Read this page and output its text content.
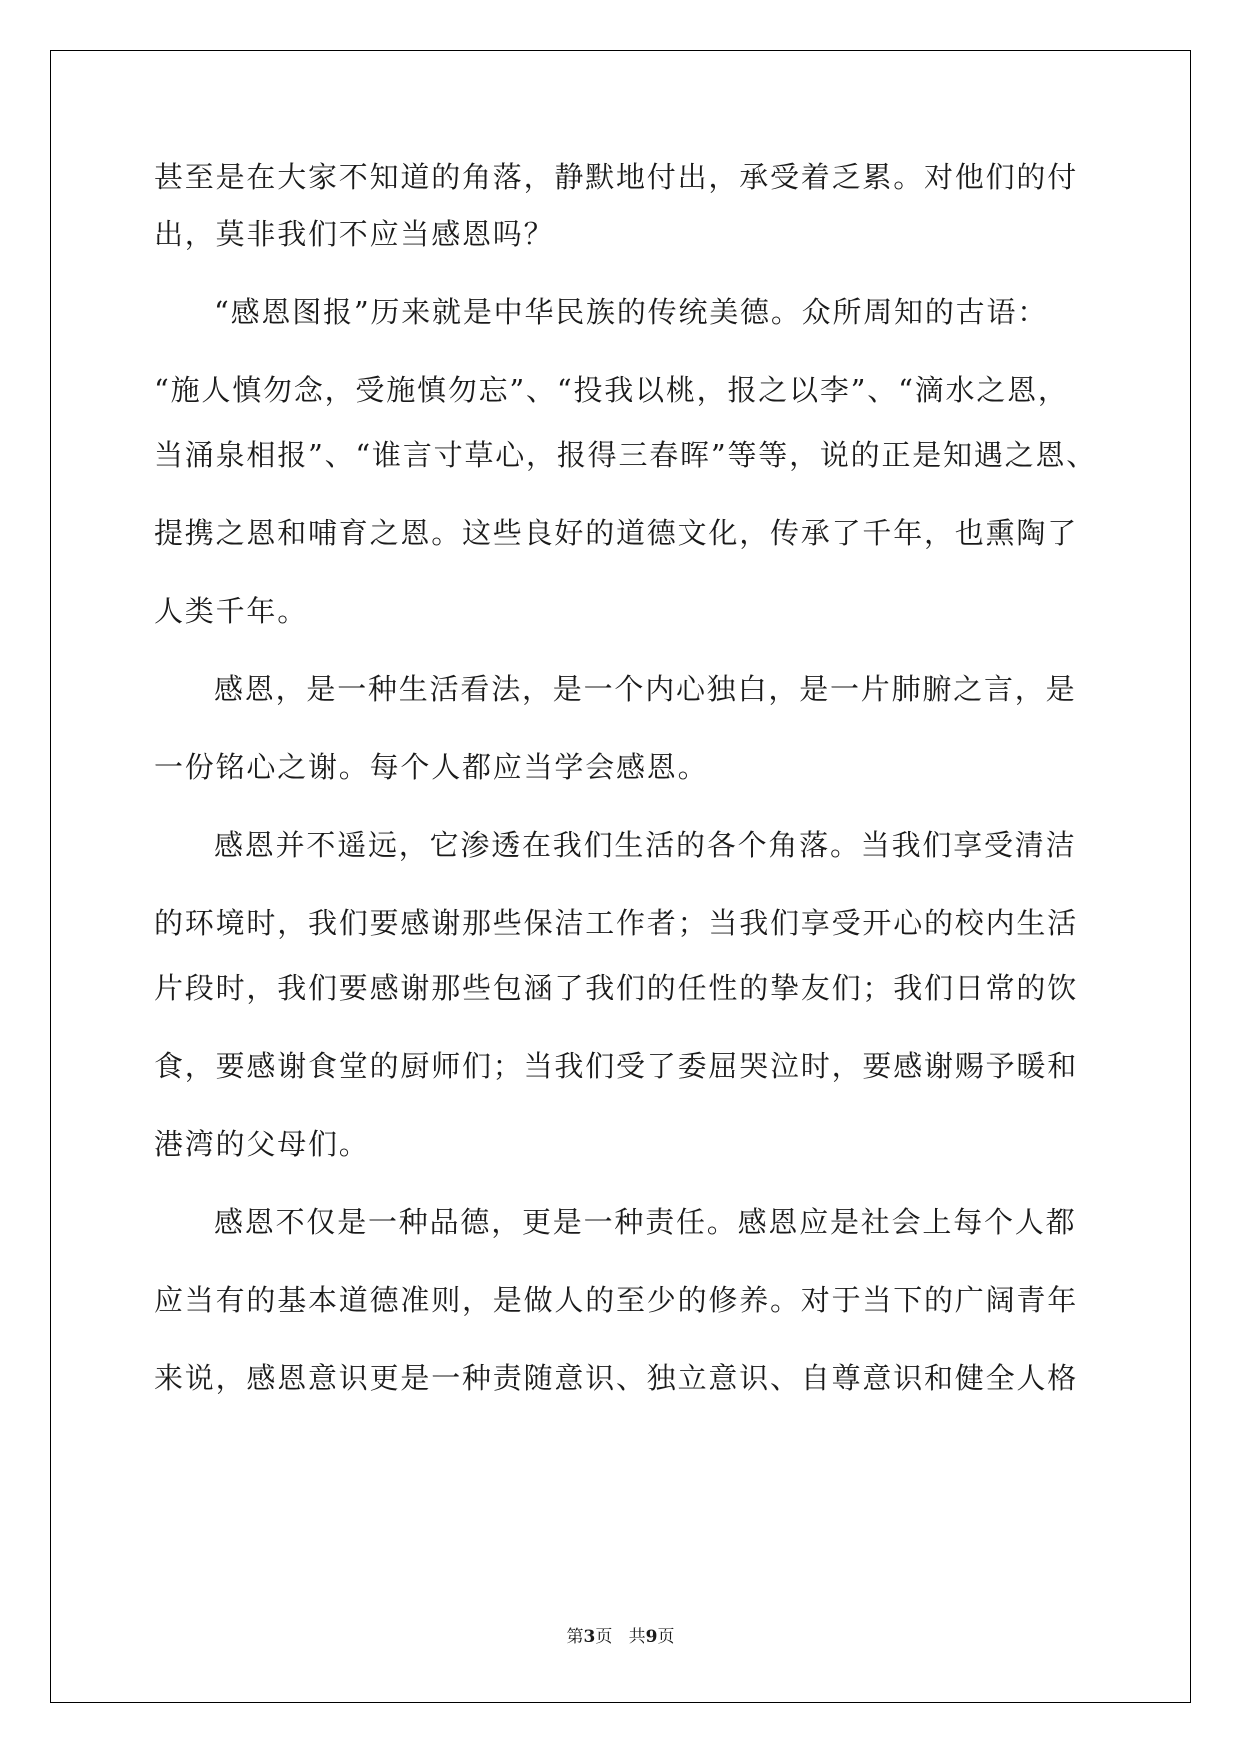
甚至是在大家不知道的角落，静默地付出，承受着乏累。对他们的付
出，莫非我们不应当感恩吗？
“感恩图报”历来就是中华民族的传统美德。众所周知的古语：
“施人慎勿念，受施慎勿忘”、“投我以桃，报之以李”、“滴水之恩，
当涌泉相报”、“谁言寸草心，报得三春晖”等等，说的正是知遇之恩、
提携之恩和哺育之恩。这些良好的道德文化，传承了千年，也熏陶了
人类千年。
感恩，是一种生活看法，是一个内心独白，是一片肺腑之言，是
一份铭心之谢。每个人都应当学会感恩。
感恩并不遥远，它渗透在我们生活的各个角落。当我们享受清洁
的环境时，我们要感谢那些保洁工作者；当我们享受开心的校内生活
片段时，我们要感谢那些包涵了我们的任性的挚友们；我们日常的饮
食，要感谢食堂的厨师们；当我们受了委屈哭泣时，要感谢赐予暖和
港湾的父母们。
感恩不仅是一种品德，更是一种责任。感恩应是社会上每个人都
应当有的基本道德准则，是做人的至少的修养。对于当下的广阔青年
来说，感恩意识更是一种责随意识、独立意识、自尊意识和健全人格
第3页 共9页
